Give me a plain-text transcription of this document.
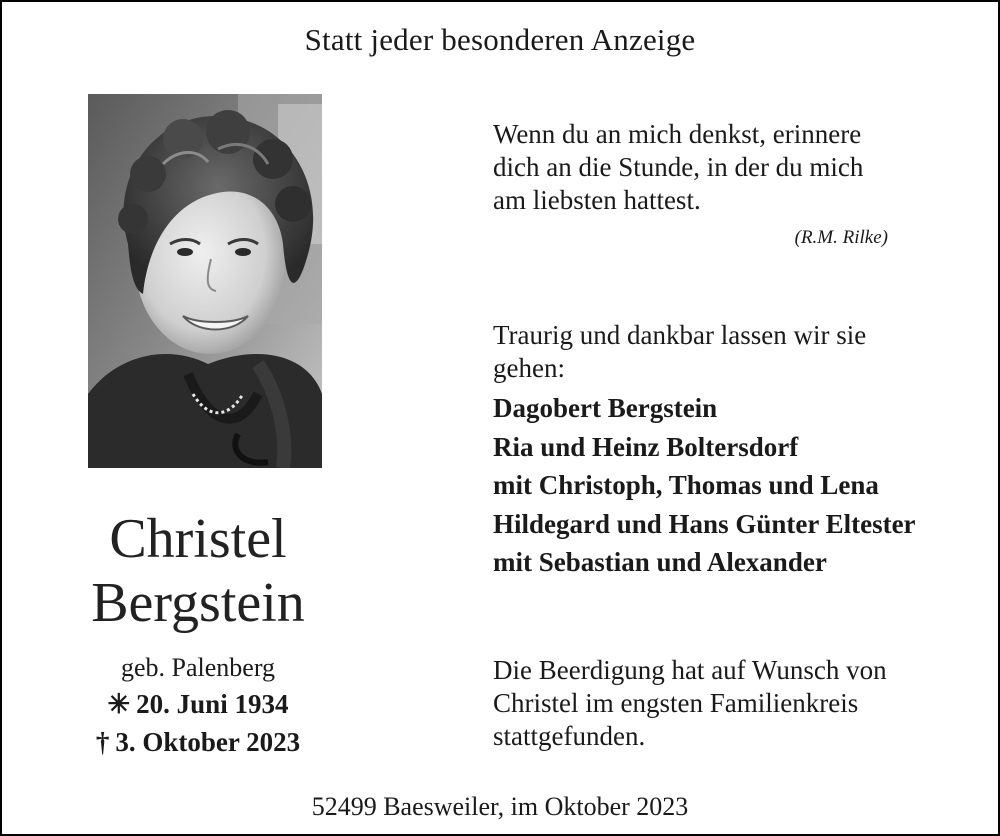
Statt jeder besonderen Anzeige
Christel
Bergstein
geb. Palenberg
✳ 20. Juni 1934
† 3. Oktober 2023
Wenn du an mich denkst, erinnere
dich an die Stunde, in der du mich
am liebsten hattest.
(R.M. Rilke)
Traurig und dankbar lassen wir sie
gehen:
Dagobert Bergstein
Ria und Heinz Boltersdorf
mit Christoph, Thomas und Lena
Hildegard und Hans Günter Eltester
mit Sebastian und Alexander
Die Beerdigung hat auf Wunsch von
Christel im engsten Familienkreis
stattgefunden.
52499 Baesweiler, im Oktober 2023
